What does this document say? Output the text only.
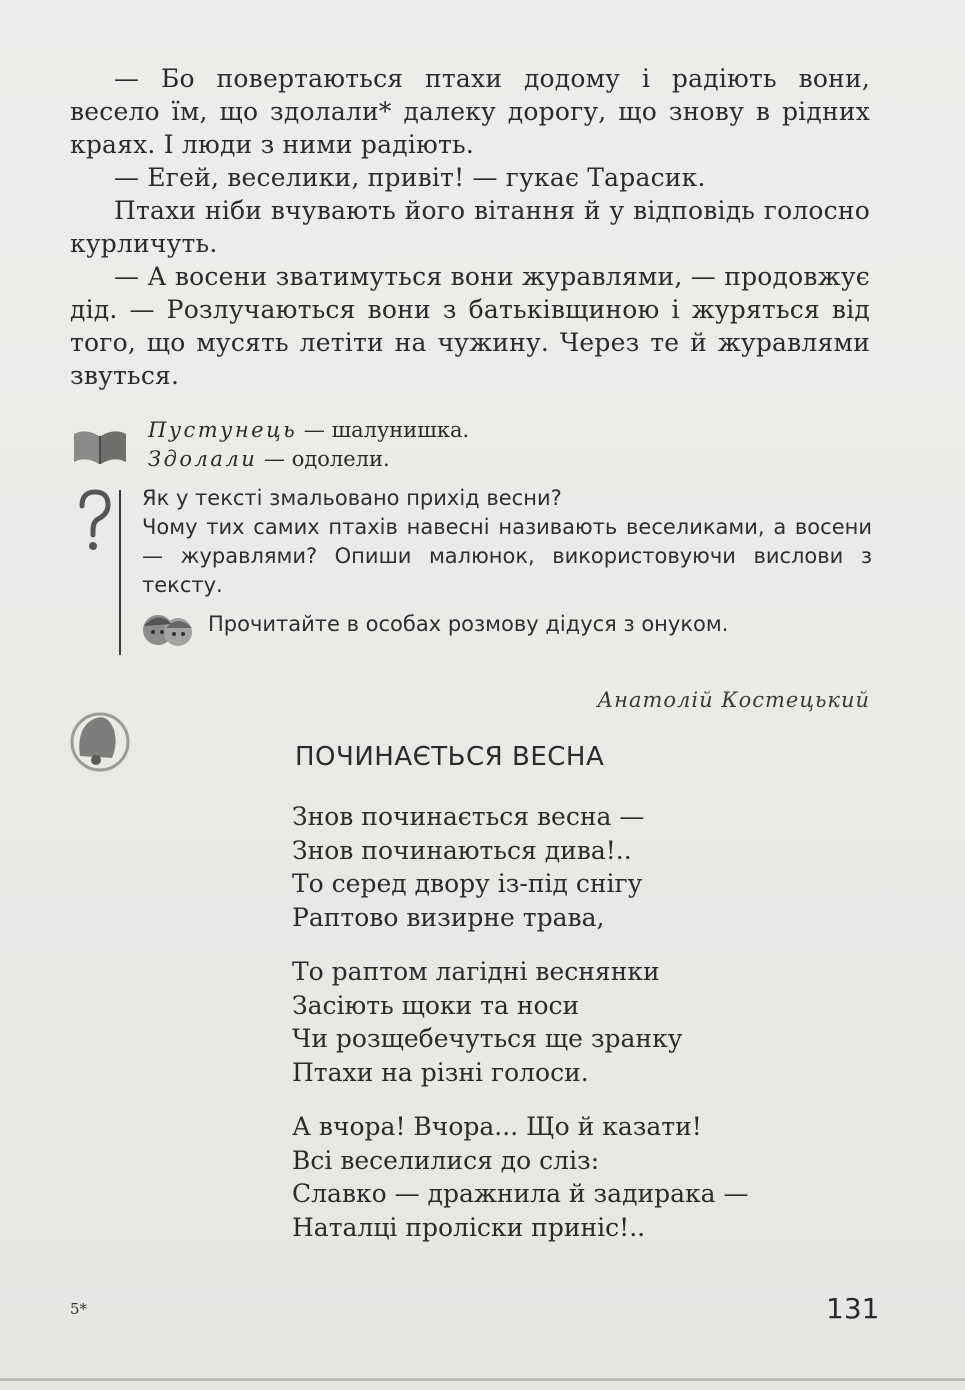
— Бо повертаються птахи додому і радіють вони, весело їм, що здолали* далеку дорогу, що знову в рідних краях. І люди з ними радіють.

— Егей, веселики, привіт! — гукає Тарасик.

Птахи ніби вчувають його вітання й у відповідь голосно курличуть.

— А восени зватимуться вони журавлями, — продовжує дід. — Розлучаються вони з батьківщиною і журяться від того, що мусять летіти на чужину. Через те й журавлями звуться.

Пустунець — шалунишка.
Здолали — одолели.

Як у тексті змальовано прихід весни?

Чому тих самих птахів навесні називають веселиками, а восени — журавлями? Опиши малюнок, використовуючи вислови з тексту.

Прочитайте в особах розмову дідуся з онуком.
Анатолій Костецький
ПОЧИНАЄТЬСЯ ВЕСНА
Знов починається весна —
Знов починаються дива!..
То серед двору із-під снігу
Раптово визирне трава,
То раптом лагідні веснянки
Засіють щоки та носи
Чи розщебечуться ще зранку
Птахи на різні голоси.
А вчора! Вчора... Що й казати!
Всі веселилися до сліз:
Славко — дражнила й задирака —
Наталці проліски приніс!..
5*	131
